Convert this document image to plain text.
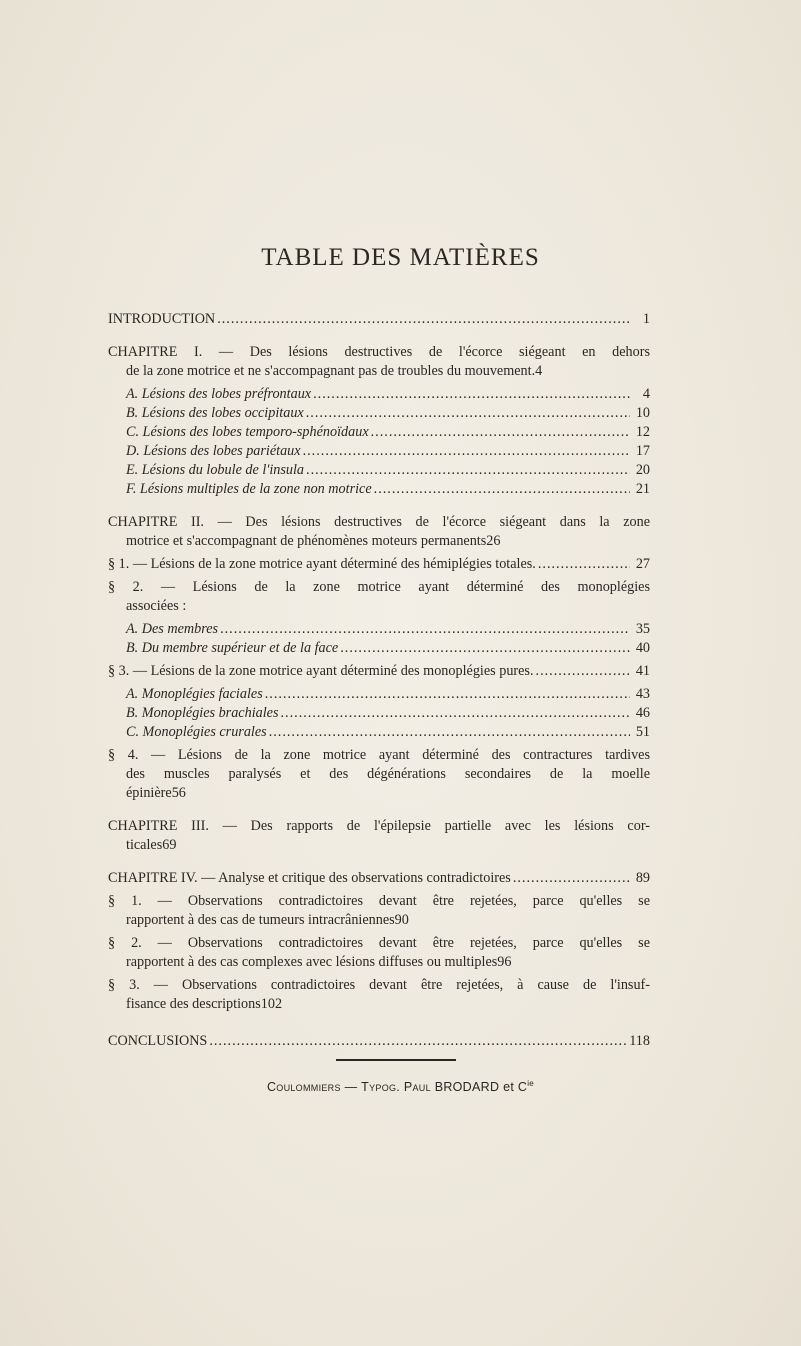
TABLE DES MATIÈRES
INTRODUCTION .....	1
CHAPITRE I. — Des lésions destructives de l'écorce siégeant en dehors
de la zone motrice et ne s'accompagnant pas de troubles du mouvement. 4
A. Lésions des lobes préfrontaux .....	4
B. Lésions des lobes occipitaux .....	10
C. Lésions des lobes temporo-sphénoïdaux .....	12
D. Lésions des lobes pariétaux .....	17
E. Lésions du lobule de l'insula .....	20
F. Lésions multiples de la zone non motrice .....	21
CHAPITRE II. — Des lésions destructives de l'écorce siégeant dans la zone
motrice et s'accompagnant de phénomènes moteurs permanents 26
§ 1. — Lésions de la zone motrice ayant déterminé des hémiplégies totales. .....	27
§ 2. — Lésions de la zone motrice ayant déterminé des monoplégies
associées :
A. Des membres .....	35
B. Du membre supérieur et de la face .....	40
§ 3. — Lésions de la zone motrice ayant déterminé des monoplégies pures. .....	41
A. Monoplégies faciales .....	43
B. Monoplégies brachiales .....	46
C. Monoplégies crurales .....	51
§ 4. — Lésions de la zone motrice ayant déterminé des contractures tardives
des muscles paralysés et des dégénérations secondaires de la moelle
épinière 56
CHAPITRE III. — Des rapports de l'épilepsie partielle avec les lésions cor-
ticales 69
CHAPITRE IV. — Analyse et critique des observations contradictoires .....	89
§ 1. — Observations contradictoires devant être rejetées, parce qu'elles se
rapportent à des cas de tumeurs intracrâniennes 90
§ 2. — Observations contradictoires devant être rejetées, parce qu'elles se
rapportent à des cas complexes avec lésions diffuses ou multiples 96
§ 3. — Observations contradictoires devant être rejetées, à cause de l'insuf-
fisance des descriptions 102
CONCLUSIONS .....	118
Coulommiers — Typog. Paul BRODARD et $C^{ie}$
